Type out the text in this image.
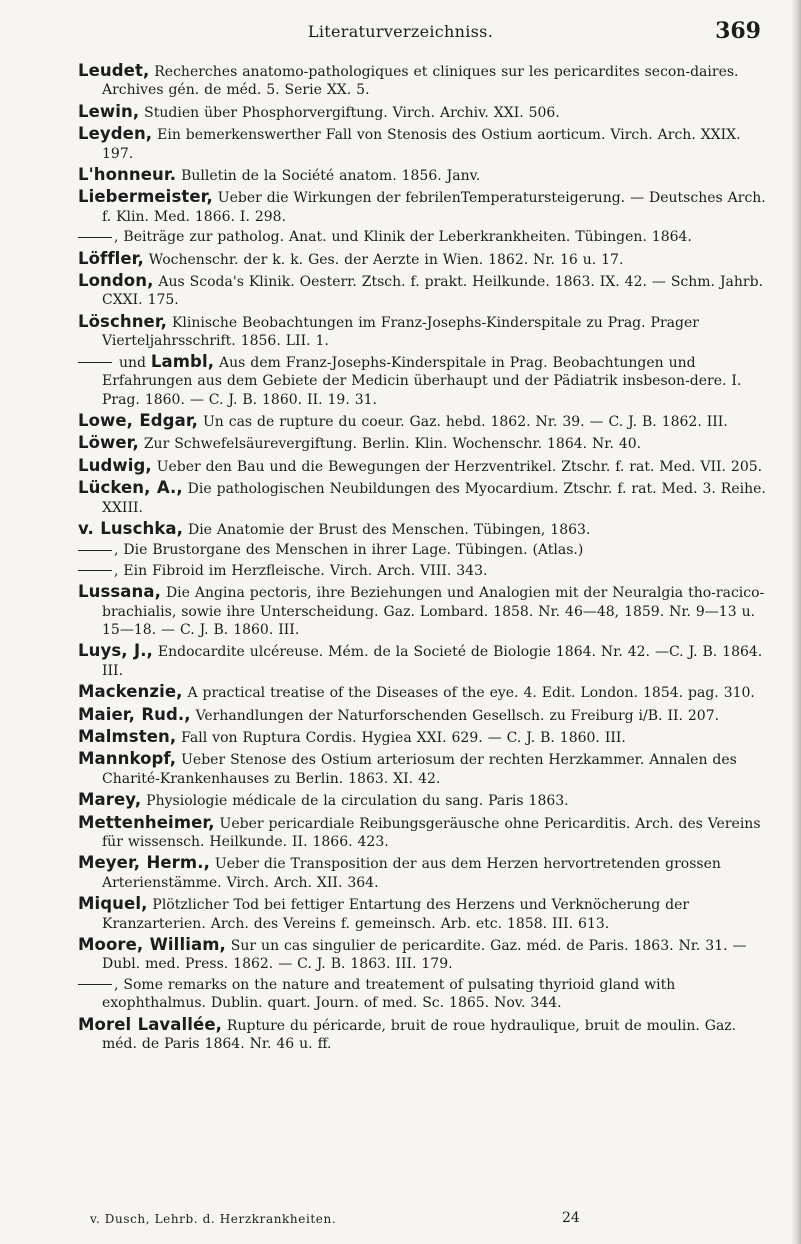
Literaturverzeichniss.	369
Leudet, Recherches anatomo-pathologiques et cliniques sur les pericardites secon-daires. Archives gén. de méd. 5. Serie XX. 5.
Lewin, Studien über Phosphorvergiftung. Virch. Archiv. XXI. 506.
Leyden, Ein bemerkenswerther Fall von Stenosis des Ostium aorticum. Virch. Arch. XXIX. 197.
L'honneur. Bulletin de la Société anatom. 1856. Janv.
Liebermeister, Ueber die Wirkungen der febrilenTemperatursteigerung. — Deutsches Arch. f. Klin. Med. 1866. I. 298.
, Beiträge zur patholog. Anat. und Klinik der Leberkrankheiten. Tübingen. 1864.
Löffler, Wochenschr. der k. k. Ges. der Aerzte in Wien. 1862. Nr. 16 u. 17.
London, Aus Scoda's Klinik. Oesterr. Ztsch. f. prakt. Heilkunde. 1863. IX. 42. — Schm. Jahrb. CXXI. 175.
Löschner, Klinische Beobachtungen im Franz-Josephs-Kinderspitale zu Prag. Prager Vierteljahrsschrift. 1856. LII. 1.
und Lambl, Aus dem Franz-Josephs-Kinderspitale in Prag. Beobachtungen und Erfahrungen aus dem Gebiete der Medicin überhaupt und der Pädiatrik insbeson-dere. I. Prag. 1860. — C. J. B. 1860. II. 19. 31.
Lowe, Edgar, Un cas de rupture du coeur. Gaz. hebd. 1862. Nr. 39. — C. J. B. 1862. III.
Löwer, Zur Schwefelsäurevergiftung. Berlin. Klin. Wochenschr. 1864. Nr. 40.
Ludwig, Ueber den Bau und die Bewegungen der Herzventrikel. Ztschr. f. rat. Med. VII. 205.
Lücken, A., Die pathologischen Neubildungen des Myocardium. Ztschr. f. rat. Med. 3. Reihe. XXIII.
v. Luschka, Die Anatomie der Brust des Menschen. Tübingen, 1863.
, Die Brustorgane des Menschen in ihrer Lage. Tübingen. (Atlas.)
, Ein Fibroid im Herzfleische. Virch. Arch. VIII. 343.
Lussana, Die Angina pectoris, ihre Beziehungen und Analogien mit der Neuralgia tho-racico-brachialis, sowie ihre Unterscheidung. Gaz. Lombard. 1858. Nr. 46—48, 1859. Nr. 9—13 u. 15—18. — C. J. B. 1860. III.
Luys, J., Endocardite ulcéreuse. Mém. de la Societé de Biologie 1864. Nr. 42. —C. J. B. 1864. III.
Mackenzie, A practical treatise of the Diseases of the eye. 4. Edit. London. 1854. pag. 310.
Maier, Rud., Verhandlungen der Naturforschenden Gesellsch. zu Freiburg i/B. II. 207.
Malmsten, Fall von Ruptura Cordis. Hygiea XXI. 629. — C. J. B. 1860. III.
Mannkopf, Ueber Stenose des Ostium arteriosum der rechten Herzkammer. Annalen des Charité-Krankenhauses zu Berlin. 1863. XI. 42.
Marey, Physiologie médicale de la circulation du sang. Paris 1863.
Mettenheimer, Ueber pericardiale Reibungsgeräusche ohne Pericarditis. Arch. des Vereins für wissensch. Heilkunde. II. 1866. 423.
Meyer, Herm., Ueber die Transposition der aus dem Herzen hervortretenden grossen Arterienstämme. Virch. Arch. XII. 364.
Miquel, Plötzlicher Tod bei fettiger Entartung des Herzens und Verknöcherung der Kranzarterien. Arch. des Vereins f. gemeinsch. Arb. etc. 1858. III. 613.
Moore, William, Sur un cas singulier de pericardite. Gaz. méd. de Paris. 1863. Nr. 31. — Dubl. med. Press. 1862. — C. J. B. 1863. III. 179.
, Some remarks on the nature and treatement of pulsating thyrioid gland with exophthalmus. Dublin. quart. Journ. of med. Sc. 1865. Nov. 344.
Morel Lavallée, Rupture du péricarde, bruit de roue hydraulique, bruit de moulin. Gaz. méd. de Paris 1864. Nr. 46 u. ff.
v. Dusch, Lehrb. d. Herzkrankheiten.	24
